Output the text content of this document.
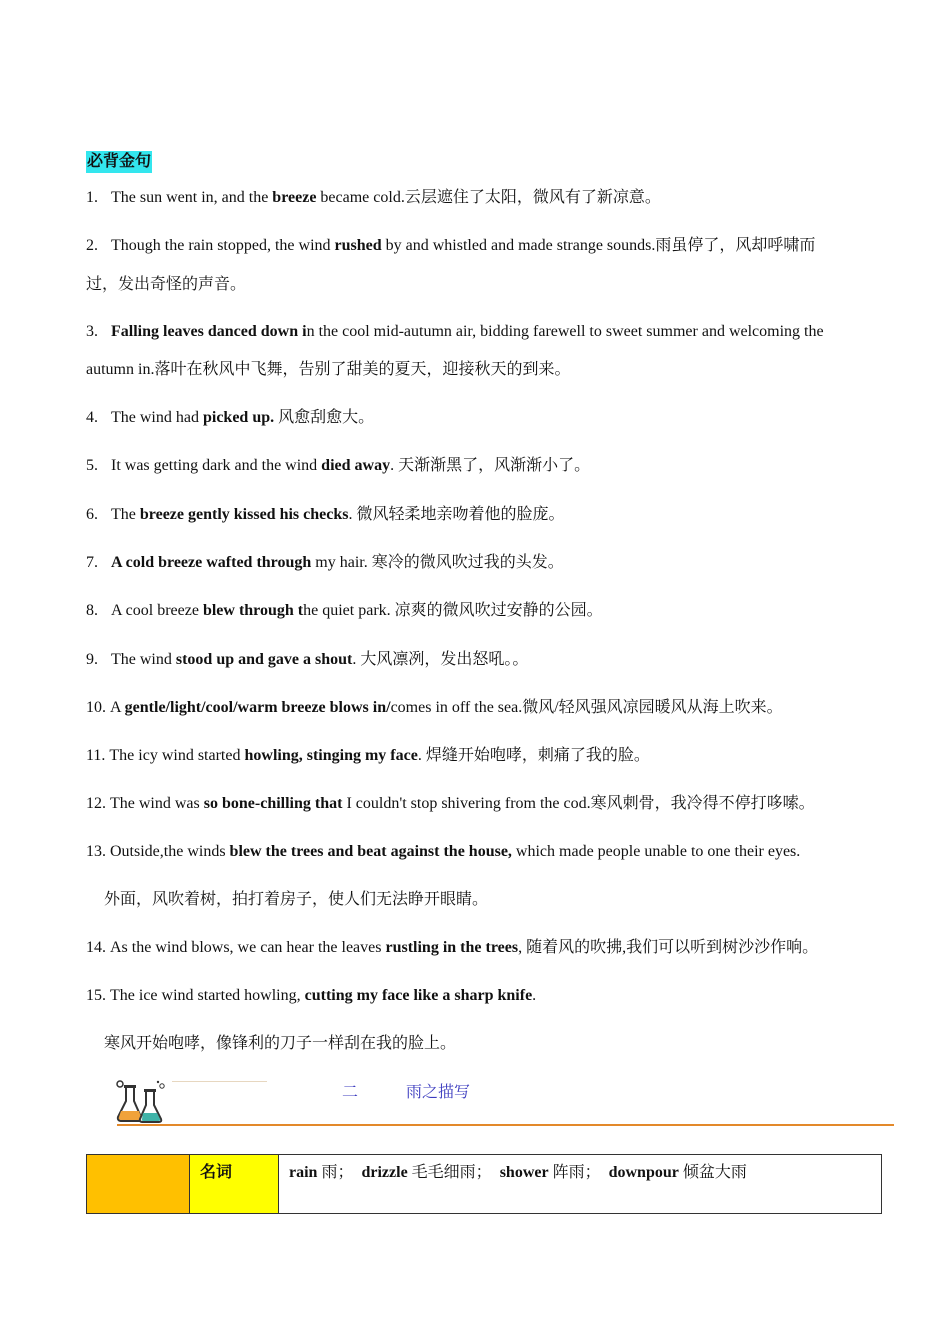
必背金句
1. The sun went in, and the breeze became cold.云层遮住了太阳，微风有了新凉意。
2. Though the rain stopped, the wind rushed by and whistled and made strange sounds.雨虽停了，风却呼啸而
过，发出奇怪的声音。
3. Falling leaves danced down in the cool mid-autumn air, bidding farewell to sweet summer and welcoming the
autumn in.落叶在秋风中飞舞，告别了甜美的夏天，迎接秋天的到来。
4. The wind had picked up. 风愈刮愈大。
5. It was getting dark and the wind died away. 天渐渐黑了，风渐渐小了。
6. The breeze gently kissed his checks. 微风轻柔地亲吻着他的脸庞。
7. A cold breeze wafted through my hair. 寒冷的微风吹过我的头发。
8. A cool breeze blew through the quiet park. 凉爽的微风吹过安静的公园。
9. The wind stood up and gave a shout. 大风凛冽，发出怒吼。。
10. A gentle/light/cool/warm breeze blows in/comes in off the sea.微风/轻风强风凉园暖风从海上吹来。
11. The icy wind started howling, stinging my face. 焊缝开始咆哮，刺痛了我的脸。
12. The wind was so bone-chilling that I couldn't stop shivering from the cod.寒风刺骨，我冷得不停打哆嗦。
13. Outside,the winds blew the trees and beat against the house, which made people unable to one their eyes.
外面，风吹着树，拍打着房子，使人们无法睁开眼睛。
14. As the wind blows, we can hear the leaves rustling in the trees, 随着风的吹拂,我们可以听到树沙沙作响。
15. The ice wind started howling, cutting my face like a sharp knife.
寒风开始咆哮，像锋利的刀子一样刮在我的脸上。
二	雨之描写
	名词	rain 雨；  drizzle 毛毛细雨；  shower 阵雨；  downpour 倾盆大雨
